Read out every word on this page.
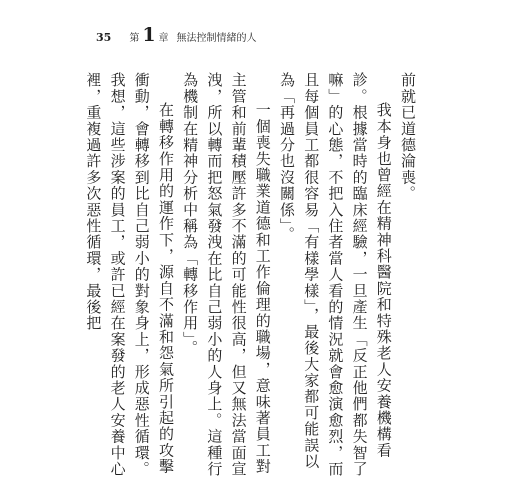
35 第 1 章 無法控制情緒的人

前就已道德淪喪。

我本身也曾經在精神科醫院和特殊老人安養機構看診。根據當時的臨床經驗，一旦產生「反正他們都失智了嘛」的心態，不把入住者當人看的情況就會愈演愈烈，而且每個員工都很容易「有樣學樣」，最後大家都可能誤以為「再過分也沒關係」。

一個喪失職業道德和工作倫理的職場，意味著員工對主管和前輩積壓許多不滿的可能性很高，但又無法當面宣洩，所以轉而把怒氣發洩在比自己弱小的人身上。這種行為機制在精神分析中稱為「轉移作用」。

在轉移作用的運作下，源自不滿和怨氣所引起的攻擊衝動，會轉移到比自己弱小的對象身上，形成惡性循環。我想，這些涉案的員工，或許已經在案發的老人安養中心裡，重複過許多次惡性循環，最後把
